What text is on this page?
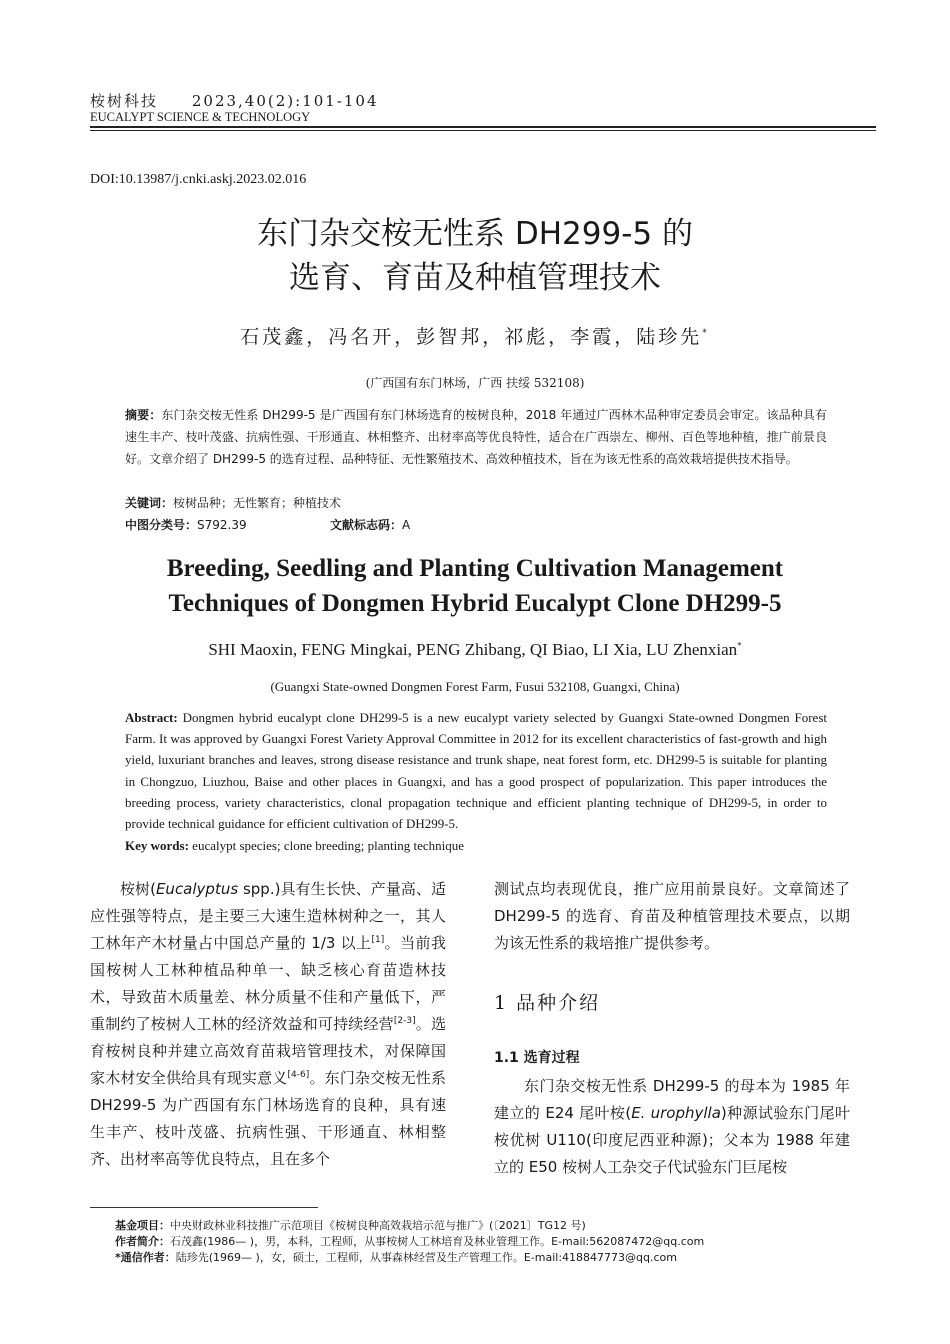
桉树科技 2023,40(2):101-104
EUCALYPT SCIENCE & TECHNOLOGY
DOI:10.13987/j.cnki.askj.2023.02.016
东门杂交桉无性系 DH299-5 的
选育、育苗及种植管理技术
石茂鑫，冯名开，彭智邦，祁彪，李霞，陆珍先*
(广西国有东门林场，广西 扶绥 532108)
摘要：东门杂交桉无性系 DH299-5 是广西国有东门林场选育的桉树良种，2018 年通过广西林木品种审定委员会审定。该品种具有速生丰产、枝叶茂盛、抗病性强、干形通直、林相整齐、出材率高等优良特性，适合在广西崇左、柳州、百色等地种植，推广前景良好。文章介绍了 DH299-5 的选育过程、品种特征、无性繁殖技术、高效种植技术，旨在为该无性系的高效栽培提供技术指导。
关键词：桉树品种；无性繁育；种植技术
中图分类号：S792.39	文献标志码：A
Breeding, Seedling and Planting Cultivation Management
Techniques of Dongmen Hybrid Eucalypt Clone DH299-5
SHI Maoxin, FENG Mingkai, PENG Zhibang, QI Biao, LI Xia, LU Zhenxian*
(Guangxi State-owned Dongmen Forest Farm, Fusui 532108, Guangxi, China)
Abstract: Dongmen hybrid eucalypt clone DH299-5 is a new eucalypt variety selected by Guangxi State-owned Dongmen Forest Farm. It was approved by Guangxi Forest Variety Approval Committee in 2012 for its excellent characteristics of fast-growth and high yield, luxuriant branches and leaves, strong disease resistance and trunk shape, neat forest form, etc. DH299-5 is suitable for planting in Chongzuo, Liuzhou, Baise and other places in Guangxi, and has a good prospect of popularization. This paper introduces the breeding process, variety characteristics, clonal propagation technique and efficient planting technique of DH299-5, in order to provide technical guidance for efficient cultivation of DH299-5.
Key words: eucalypt species; clone breeding; planting technique
桉树(Eucalyptus spp.)具有生长快、产量高、适应性强等特点，是主要三大速生造林树种之一，其人工林年产木材量占中国总产量的 1/3 以上[1]。当前我国桉树人工林种植品种单一、缺乏核心育苗造林技术，导致苗木质量差、林分质量不佳和产量低下，严重制约了桉树人工林的经济效益和可持续经营[2-3]。选育桉树良种并建立高效育苗栽培管理技术，对保障国家木材安全供给具有现实意义[4-6]。东门杂交桉无性系 DH299-5 为广西国有东门林场选育的良种，具有速生丰产、枝叶茂盛、抗病性强、干形通直、林相整齐、出材率高等优良特点，且在多个
测试点均表现优良，推广应用前景良好。文章简述了 DH299-5 的选育、育苗及种植管理技术要点，以期为该无性系的栽培推广提供参考。
1 品种介绍
1.1 选育过程
东门杂交桉无性系 DH299-5 的母本为 1985 年建立的 E24 尾叶桉(E. urophylla)种源试验东门尾叶桉优树 U110(印度尼西亚种源)；父本为 1988 年建立的 E50 桉树人工杂交子代试验东门巨尾桉
基金项目：中央财政林业科技推广示范项目《桉树良种高效栽培示范与推广》(〔2021〕TG12 号)
作者简介：石茂鑫(1986— )，男，本科，工程师，从事桉树人工林培育及林业管理工作。E-mail:562087472@qq.com
*通信作者：陆珍先(1969— )，女，硕士，工程师，从事森林经营及生产管理工作。E-mail:418847773@qq.com
